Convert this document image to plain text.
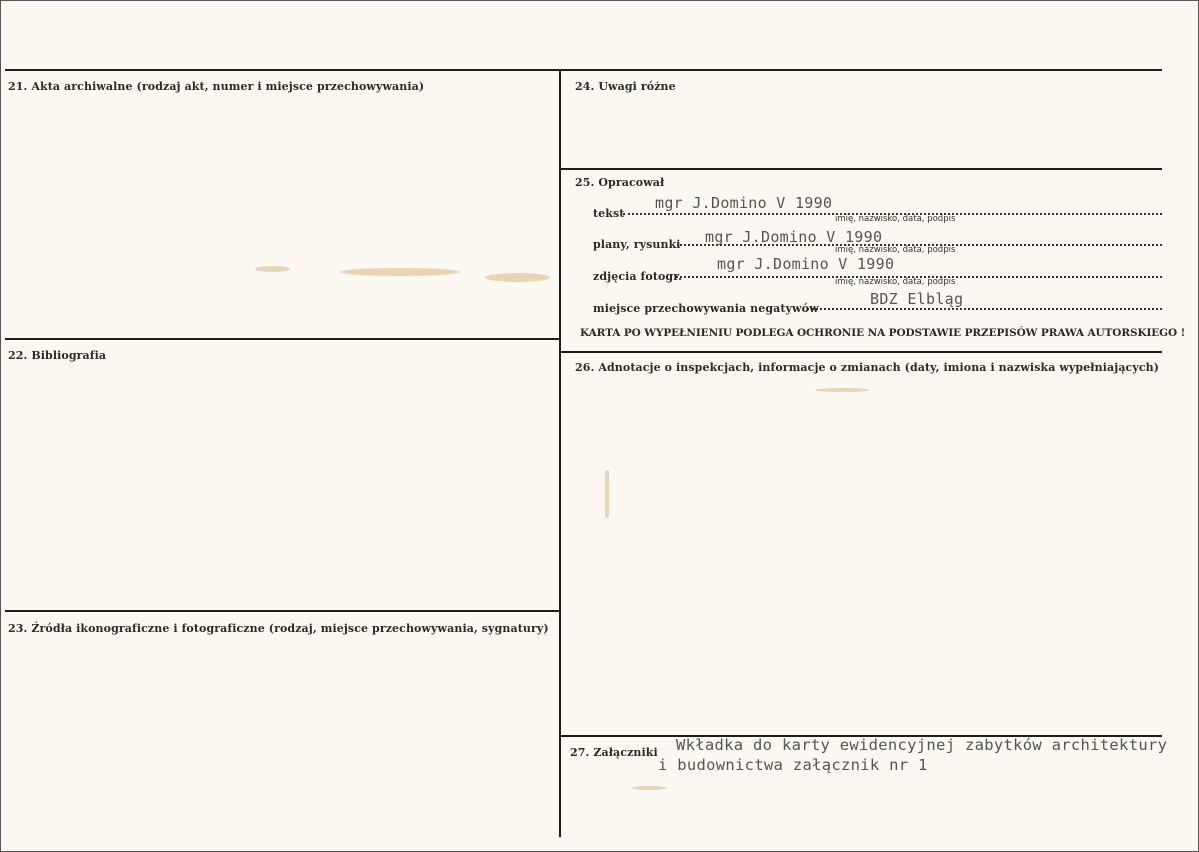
21. Akta archiwalne (rodzaj akt, numer i miejsce przechowywania)
22. Bibliografia
23. Źródła ikonograficzne i fotograficzne (rodzaj, miejsce przechowywania, sygnatury)
24. Uwagi różne
25. Opracował
tekst
mgr J.Domino V 1990
imię, nazwisko, data, podpis
plany, rysunki mgr J.Domino V 1990
imię, nazwisko, data, podpis
zdjęcia fotogr.
mgr J.Domino V 1990
imię, nazwisko, data, podpis
miejsce przechowywania negatywów
BDZ Elbląg
KARTA PO WYPEŁNIENIU PODLEGA OCHRONIE NA PODSTAWIE PRZEPISÓW PRAWA AUTORSKIEGO !
26. Adnotacje o inspekcjach, informacje o zmianach (daty, imiona i nazwiska wypełniających)
27. Załączniki Wkładka do karty ewidencyjnej zabytków architektury
i budownictwa załącznik nr 1
